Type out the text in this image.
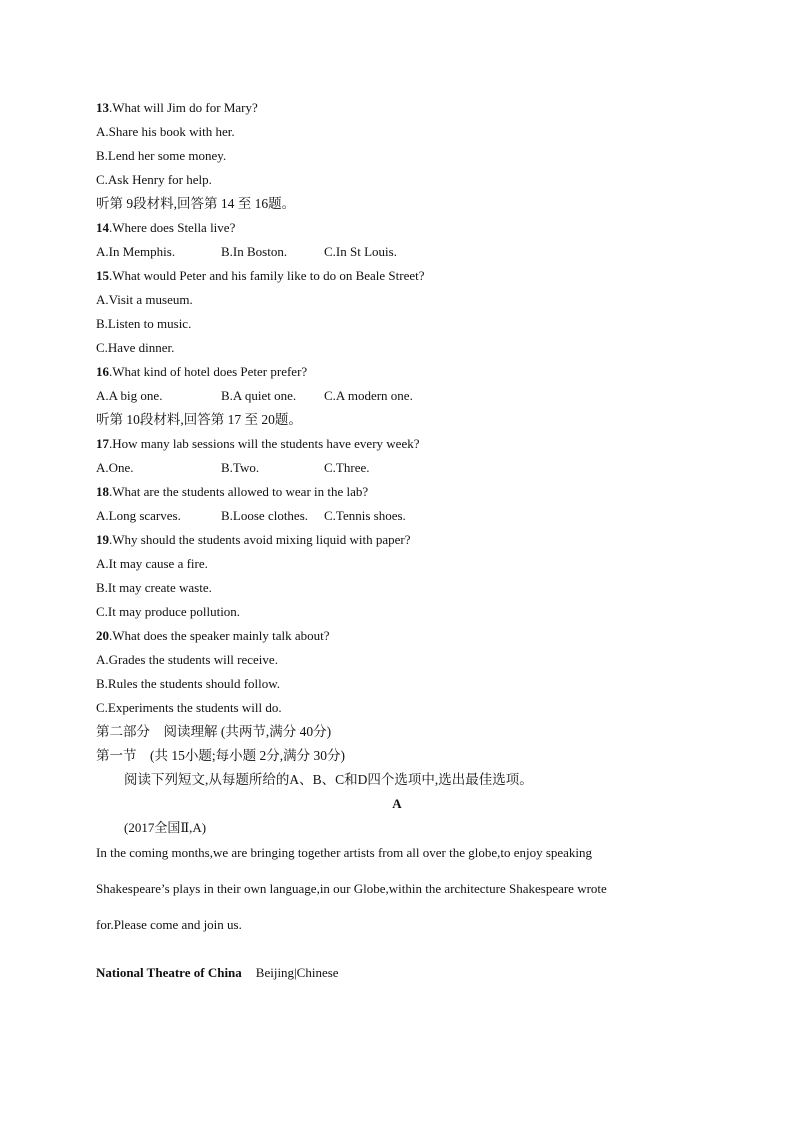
13.What will Jim do for Mary?
A.Share his book with her.
B.Lend her some money.
C.Ask Henry for help.
听第 9段材料,回答第 14 至 16题。
14.Where does Stella live?
A.In Memphis.	B.In Boston.	C.In St Louis.
15.What would Peter and his family like to do on Beale Street?
A.Visit a museum.
B.Listen to music.
C.Have dinner.
16.What kind of hotel does Peter prefer?
A.A big one.	B.A quiet one. C.A modern one.
听第 10段材料,回答第 17 至 20题。
17.How many lab sessions will the students have every week?
A.One.	B.Two.	C.Three.
18.What are the students allowed to wear in the lab?
A.Long scarves.	B.Loose clothes. C.Tennis shoes.
19.Why should the students avoid mixing liquid with paper?
A.It may cause a fire.
B.It may create waste.
C.It may produce pollution.
20.What does the speaker mainly talk about?
A.Grades the students will receive.
B.Rules the students should follow.
C.Experiments the students will do.
第二部分　阅读理解 (共两节,满分 40分)
第一节　(共 15小题;每小题 2分,满分 30分)
阅读下列短文,从每题所给的A、B、C和D四个选项中,选出最佳选项。
A
(2017全国Ⅱ,A)
In the coming months,we are bringing together artists from all over the globe,to enjoy speaking
Shakespeare’s plays in their own language,in our Globe,within the architecture Shakespeare wrote
for.Please come and join us.
National Theatre of China Beijing|Chinese
